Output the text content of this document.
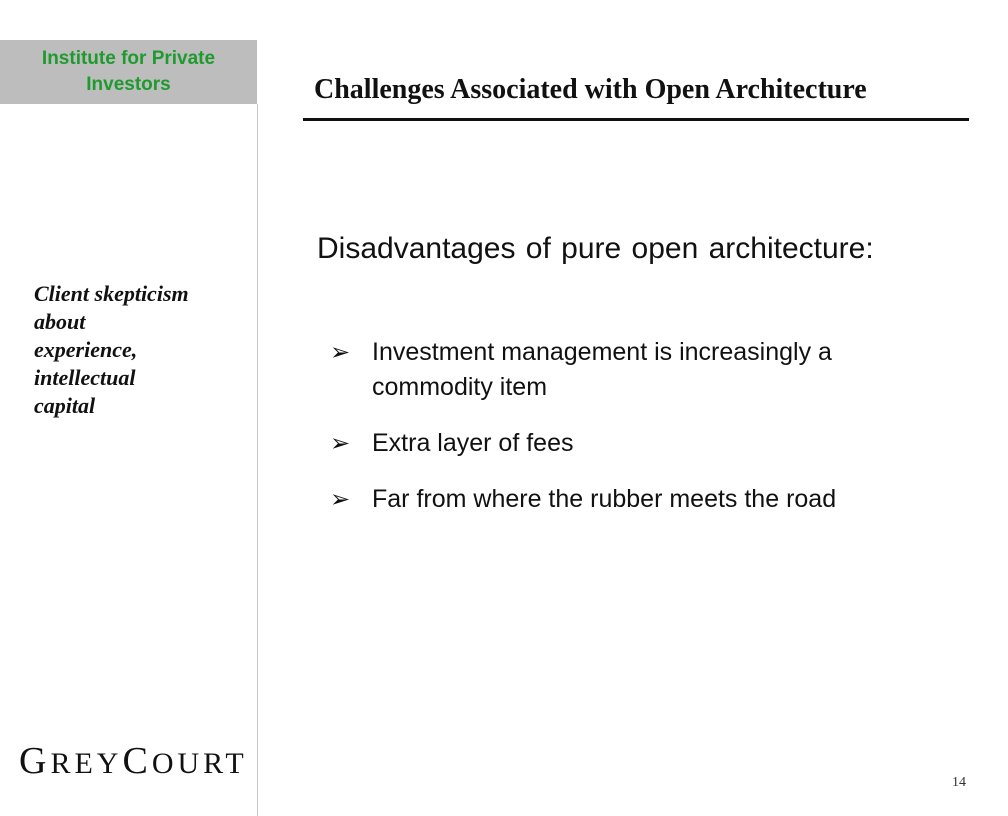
Institute for Private
Investors
Client skepticism
about
experience,
intellectual
capital
GREYCOURT
Challenges Associated with Open Architecture
Disadvantages of pure open architecture:
➢ Investment management is increasingly a commodity item
➢ Extra layer of fees
➢ Far from where the rubber meets the road
14
